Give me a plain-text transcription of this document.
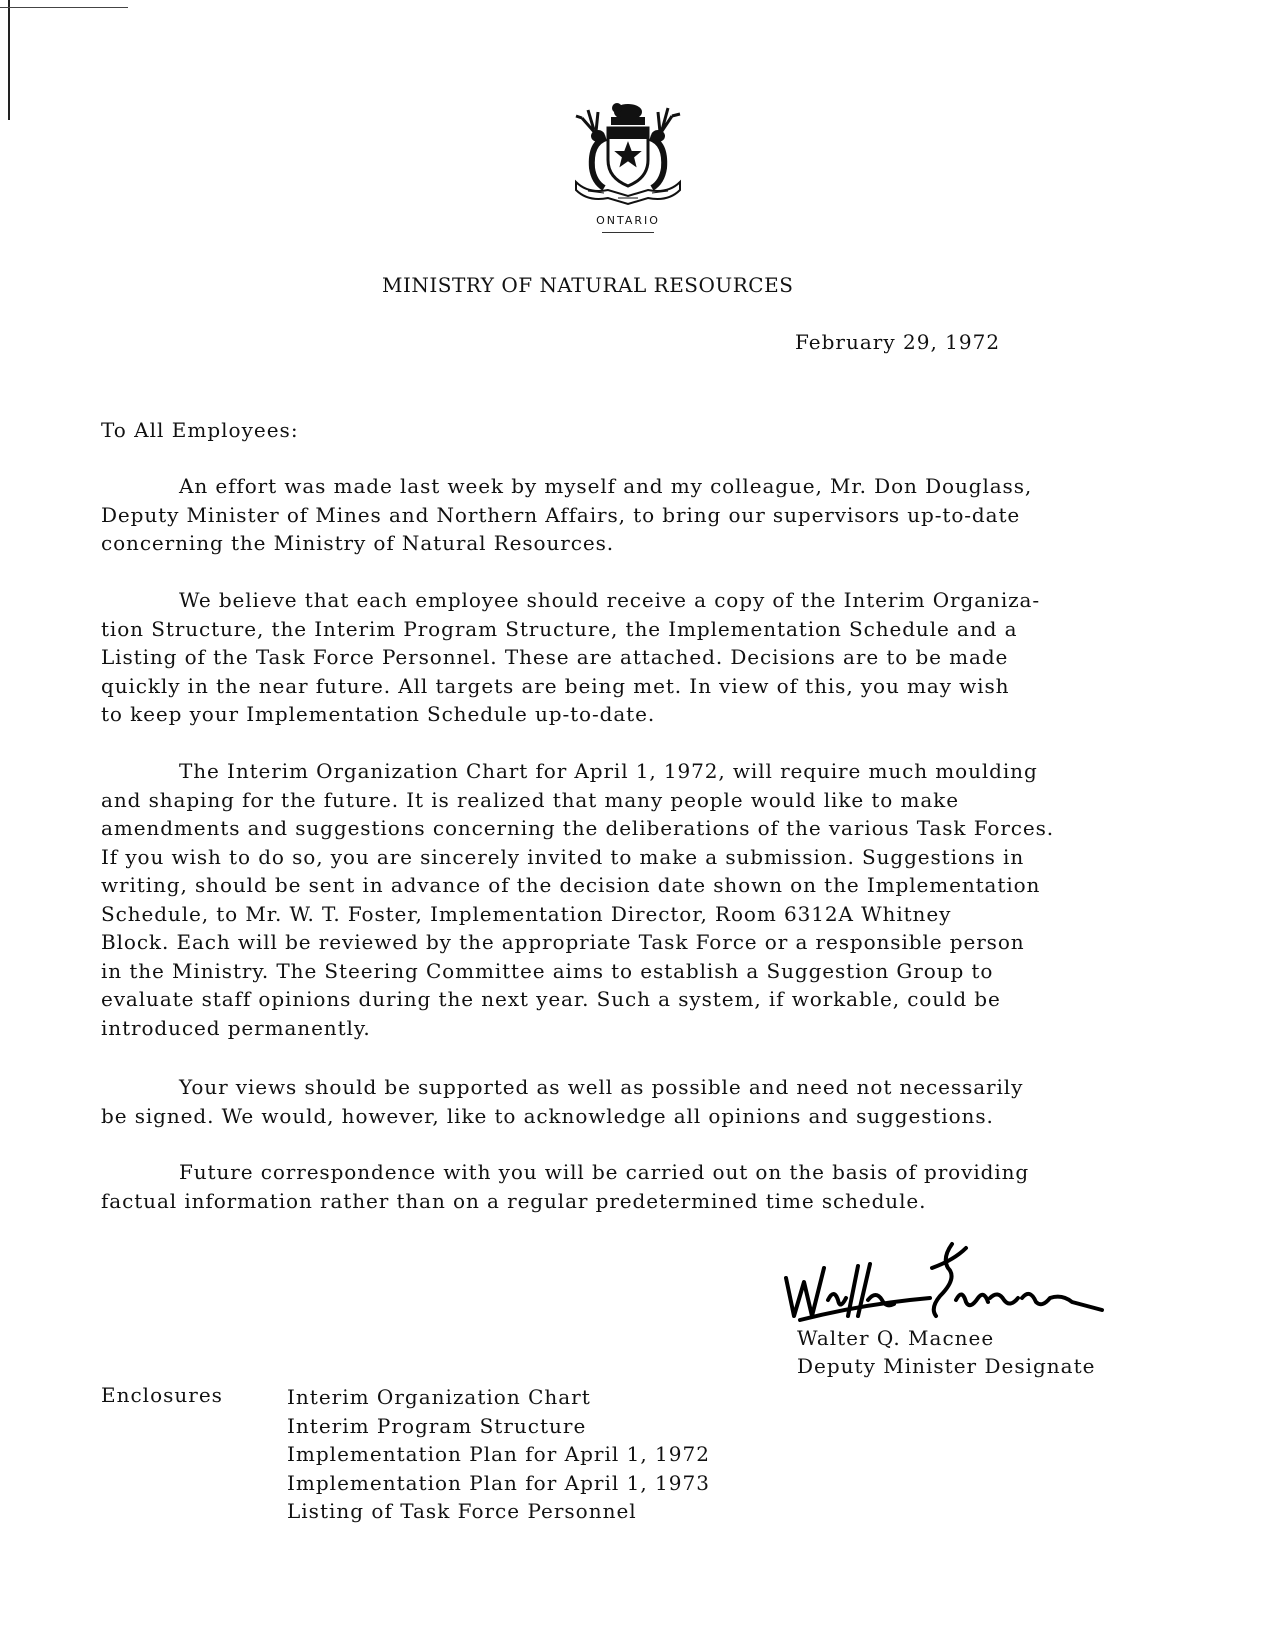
ONTARIO
MINISTRY OF NATURAL RESOURCES
February 29, 1972
To All Employees:

An effort was made last week by myself and my colleague, Mr. Don Douglass,
Deputy Minister of Mines and Northern Affairs, to bring our supervisors up-to-date
concerning the Ministry of Natural Resources.

We believe that each employee should receive a copy of the Interim Organiza-
tion Structure, the Interim Program Structure, the Implementation Schedule and a
Listing of the Task Force Personnel. These are attached. Decisions are to be made
quickly in the near future. All targets are being met. In view of this, you may wish
to keep your Implementation Schedule up-to-date.

The Interim Organization Chart for April 1, 1972, will require much moulding
and shaping for the future. It is realized that many people would like to make
amendments and suggestions concerning the deliberations of the various Task Forces.
If you wish to do so, you are sincerely invited to make a submission. Suggestions in
writing, should be sent in advance of the decision date shown on the Implementation
Schedule, to Mr. W. T. Foster, Implementation Director, Room 6312A Whitney
Block. Each will be reviewed by the appropriate Task Force or a responsible person
in the Ministry. The Steering Committee aims to establish a Suggestion Group to
evaluate staff opinions during the next year. Such a system, if workable, could be
introduced permanently.

Your views should be supported as well as possible and need not necessarily
be signed. We would, however, like to acknowledge all opinions and suggestions.

Future correspondence with you will be carried out on the basis of providing
factual information rather than on a regular predetermined time schedule.

Walter Q. Macnee
Deputy Minister Designate
Enclosures	Interim Organization Chart
Interim Program Structure
Implementation Plan for April 1, 1972
Implementation Plan for April 1, 1973
Listing of Task Force Personnel
